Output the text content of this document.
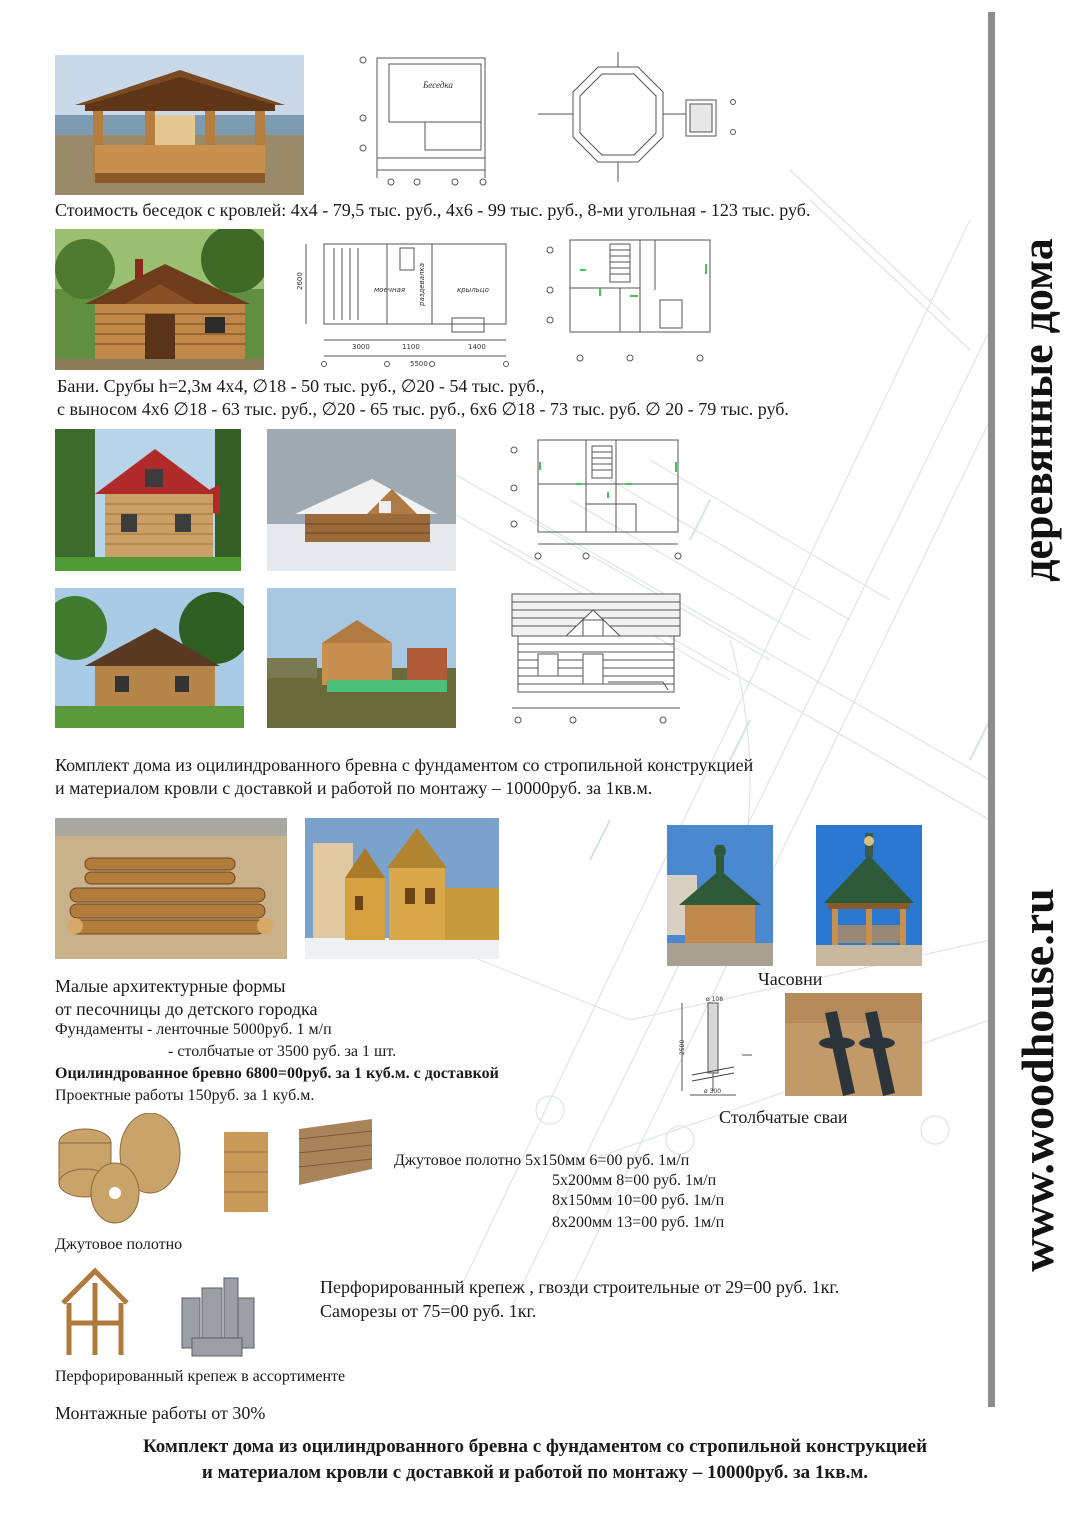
деревянные дома
www.woodhouse.ru
Беседка
Стоимость беседок с кровлей: 4х4 - 79,5 тыс. руб., 4х6 - 99 тыс. руб., 8-ми угольная - 123 тыс. руб.
3000	1100	1400
5500
2600	моечная раздевалка	крыльцо
Бани. Срубы h=2,3м 4х4, ∅18 - 50 тыс. руб., ∅20 - 54 тыс. руб.,
с выносом 4х6 ∅18 - 63 тыс. руб., ∅20 - 65 тыс. руб., 6х6 ∅18 - 73 тыс. руб. ∅ 20 - 79 тыс. руб.
Комплект дома из оцилиндрованного бревна с фундаментом со стропильной конструкцией
и материалом кровли с доставкой и работой по монтажу – 10000руб. за 1кв.м.
Часовни
Малые архитектурные формы
от песочницы до детского городка
Фундаменты - ленточные 5000руб. 1 м/п
- столбчатые от 3500 руб. за 1 шт.
Оцилиндрованное бревно 6800=00руб. за 1 куб.м. с доставкой
Проектные работы 150руб. за 1 куб.м.
ø 108
2500
ø 300
Столбчатые сваи
Джутовое полотно
Джутовое полотно 5х150мм 6=00 руб. 1м/п
5х200мм 8=00 руб. 1м/п
8х150мм 10=00 руб. 1м/п
8х200мм 13=00 руб. 1м/п
Перфорированный крепеж , гвозди строительные от 29=00 руб. 1кг.
Саморезы от 75=00 руб. 1кг.
Перфорированный крепеж в ассортименте
Монтажные работы от 30%
Комплект дома из оцилиндрованного бревна с фундаментом со стропильной конструкцией
и материалом кровли с доставкой и работой по монтажу – 10000руб. за 1кв.м.
